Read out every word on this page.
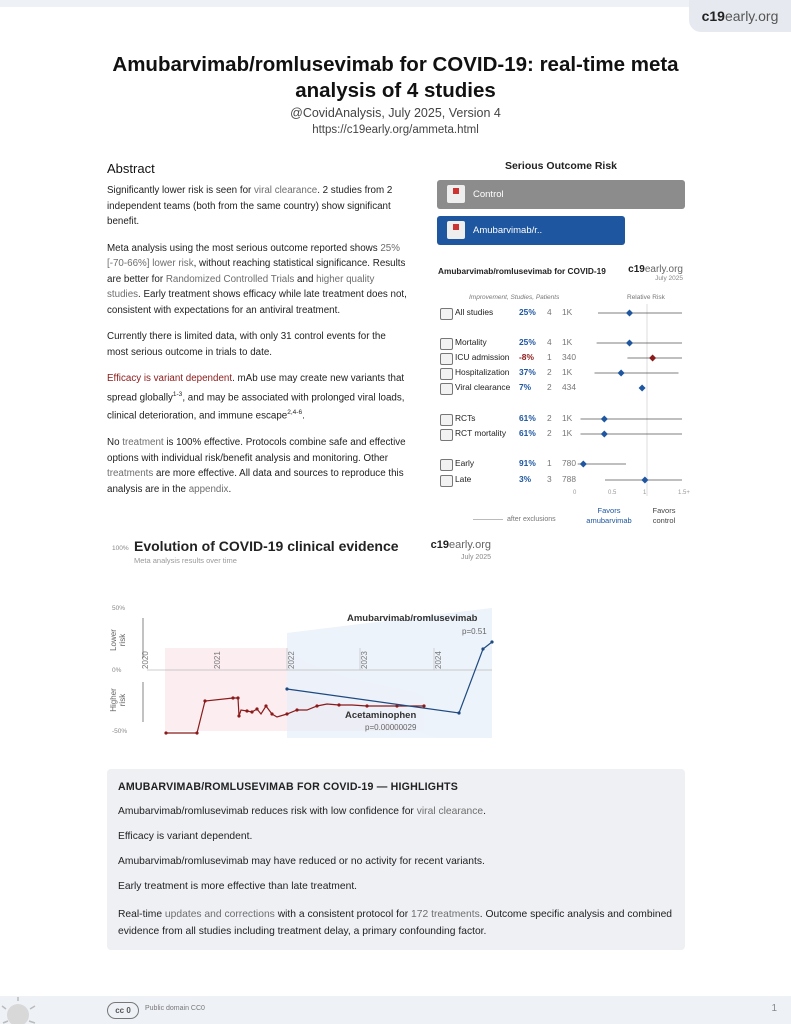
c19early.org
Amubarvimab/romlusevimab for COVID-19: real-time meta analysis of 4 studies
@CovidAnalysis, July 2025, Version 4
https://c19early.org/ammeta.html
Abstract

Significantly lower risk is seen for viral clearance. 2 studies from 2 independent teams (both from the same country) show significant benefit.

Meta analysis using the most serious outcome reported shows 25% [-70-66%] lower risk, without reaching statistical significance. Results are better for Randomized Controlled Trials and higher quality studies. Early treatment shows efficacy while late treatment does not, consistent with expectations for an antiviral treatment.

Currently there is limited data, with only 31 control events for the most serious outcome in trials to date.

Efficacy is variant dependent. mAb use may create new variants that spread globally$^{1-3}$, and may be associated with prolonged viral loads, clinical deterioration, and immune escape$^{2,4-6}$.

No treatment is 100% effective. Protocols combine safe and effective options with individual risk/benefit analysis and monitoring. Other treatments are more effective. All data and sources to reproduce this analysis are in the appendix.

Serious Outcome Risk
Control
Amubarvimab/r..
Amubarvimab/romlusevimab for COVID-19 c19early.org
July 2025
Improvement, Studies, Patients	Relative Risk
All studies	25% 4 1K
Mortality	25% 4 1K
ICU admission -8% 1 340
Hospitalization 37% 2 1K
Viral clearance 7% 2 434
RCTs	61% 2 1K
RCT mortality 61% 2 1K
Early	91% 1 780
Late	3% 3 788
0	0.5	1	1.5+
Favors amubarvimab
Favors control
after exclusions
100% Evolution of COVID-19 clinical evidence
Meta analysis results over time
c19early.org
July 2025
50%
0%
-50%
Lower risk
Higher risk
2020	2021	2022	2023	2024
Amubarvimab/romlusevimab
p=0.51
Acetaminophen
p=0.00000029
AMUBARVIMAB/ROMLUSEVIMAB FOR COVID-19 — HIGHLIGHTS

Amubarvimab/romlusevimab reduces risk with low confidence for viral clearance.

Efficacy is variant dependent.

Amubarvimab/romlusevimab may have reduced or no activity for recent variants.

Early treatment is more effective than late treatment.

Real-time updates and corrections with a consistent protocol for 172 treatments. Outcome specific analysis and combined evidence from all studies including treatment delay, a primary confounding factor.

cc 0	Public domain CC0	1
